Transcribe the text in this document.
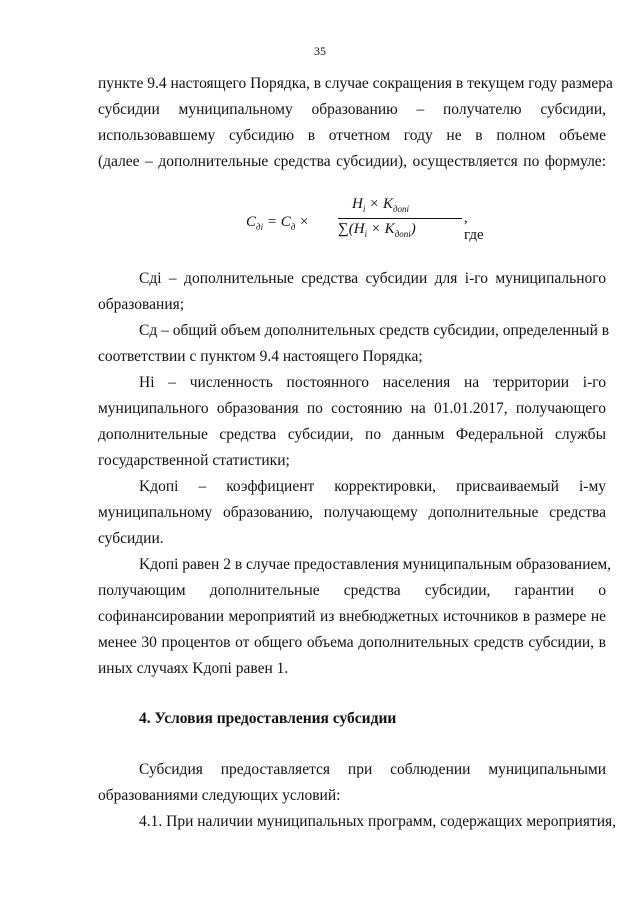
35
пункте 9.4 настоящего Порядка, в случае сокращения в текущем году размера
субсидии муниципальному образованию – получателю субсидии,
использовавшему субсидию в отчетном году не в полном объеме
(далее – дополнительные средства субсидии), осуществляется по формуле:
$C_{дi} = C_д$ ×
$H_i \times K_{допi}$
$\sum(H_i \times K_{допi})$
, где
Cдi – дополнительные средства субсидии для i-го муниципального
образования;
Cд – общий объем дополнительных средств субсидии, определенный в
соответствии с пунктом 9.4 настоящего Порядка;
Hi – численность постоянного населения на территории i-го
муниципального образования по состоянию на 01.01.2017, получающего
дополнительные средства субсидии, по данным Федеральной службы
государственной статистики;
Kдопi – коэффициент корректировки, присваиваемый i-му
муниципальному образованию, получающему дополнительные средства
субсидии.
Kдопi равен 2 в случае предоставления муниципальным образованием,
получающим дополнительные средства субсидии, гарантии о
софинансировании мероприятий из внебюджетных источников в размере не
менее 30 процентов от общего объема дополнительных средств субсидии, в
иных случаях Kдопi равен 1.
4. Условия предоставления субсидии
Субсидия предоставляется при соблюдении муниципальными
образованиями следующих условий:
4.1. При наличии муниципальных программ, содержащих мероприятия,
